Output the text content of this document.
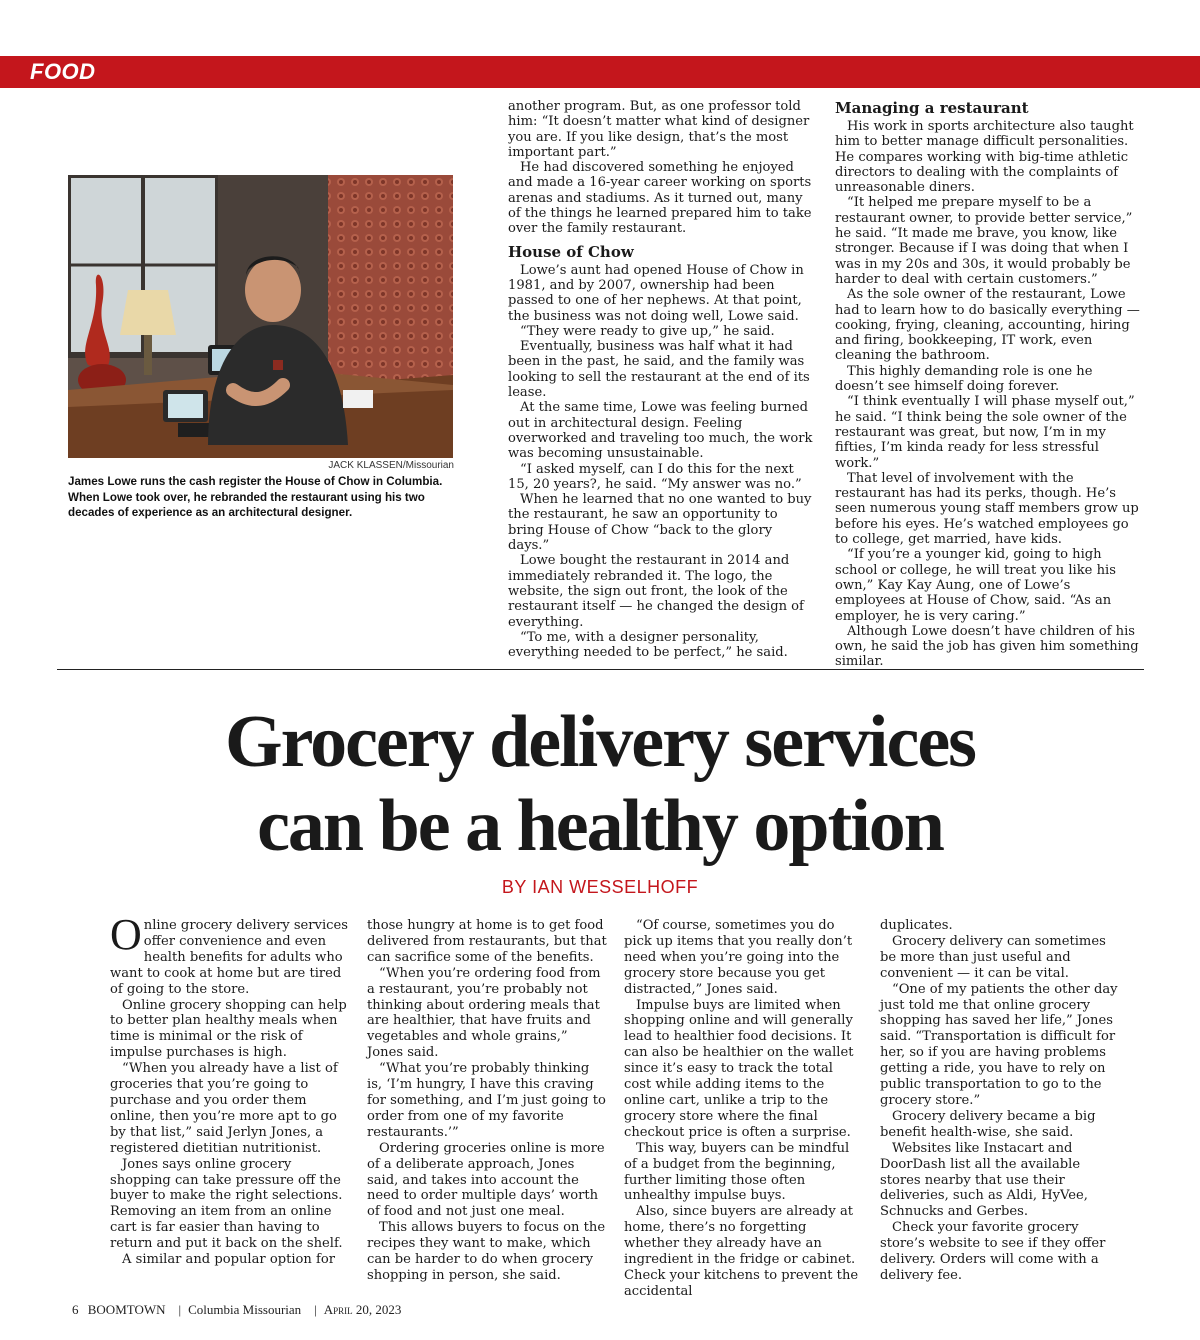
FOOD
JACK KLASSEN/Missourian
James Lowe runs the cash register the House of Chow in Columbia. When Lowe took over, he rebranded the restaurant using his two decades of experience as an architectural designer.

another program. But, as one professor told him: “It doesn’t matter what kind of designer you are. If you like design, that’s the most important part.”

He had discovered something he enjoyed and made a 16-year career working on sports arenas and stadiums. As it turned out, many of the things he learned prepared him to take over the family restaurant.

House of Chow

Lowe’s aunt had opened House of Chow in 1981, and by 2007, ownership had been passed to one of her nephews. At that point, the business was not doing well, Lowe said.

“They were ready to give up,” he said.

Eventually, business was half what it had been in the past, he said, and the family was looking to sell the restaurant at the end of its lease.

At the same time, Lowe was feeling burned out in architectural design. Feeling overworked and traveling too much, the work was becoming unsustainable.

“I asked myself, can I do this for the next 15, 20 years?, he said. “My answer was no.”

When he learned that no one wanted to buy the restaurant, he saw an opportunity to bring House of Chow “back to the glory days.”

Lowe bought the restaurant in 2014 and immediately rebranded it. The logo, the website, the sign out front, the look of the restaurant itself — he changed the design of everything.

“To me, with a designer personality, everything needed to be perfect,” he said.

Managing a restaurant

His work in sports architecture also taught him to better manage difficult personalities. He compares working with big-time athletic directors to dealing with the complaints of unreasonable diners.

“It helped me prepare myself to be a restaurant owner, to provide better service,” he said. “It made me brave, you know, like stronger. Because if I was doing that when I was in my 20s and 30s, it would probably be harder to deal with certain customers.”

As the sole owner of the restaurant, Lowe had to learn how to do basically everything — cooking, frying, cleaning, accounting, hiring and firing, bookkeeping, IT work, even cleaning the bathroom.

This highly demanding role is one he doesn’t see himself doing forever.

“I think eventually I will phase myself out,” he said. “I think being the sole owner of the restaurant was great, but now, I’m in my fifties, I’m kinda ready for less stressful work.”

That level of involvement with the restaurant has had its perks, though. He’s seen numerous young staff members grow up before his eyes. He’s watched employees go to college, get married, have kids.

“If you’re a younger kid, going to high school or college, he will treat you like his own,” Kay Kay Aung, one of Lowe’s employees at House of Chow, said. “As an employer, he is very caring.”

Although Lowe doesn’t have children of his own, he said the job has given him something similar.

Grocery delivery services
can be a healthy option
BY IAN WESSELHOFF

Online grocery delivery services offer convenience and even health benefits for adults who want to cook at home but are tired of going to the store.

Online grocery shopping can help to better plan healthy meals when time is minimal or the risk of impulse purchases is high.

“When you already have a list of groceries that you’re going to purchase and you order them online, then you’re more apt to go by that list,” said Jerlyn Jones, a registered dietitian nutritionist.

Jones says online grocery shopping can take pressure off the buyer to make the right selections. Removing an item from an online cart is far easier than having to return and put it back on the shelf.

A similar and popular option for

those hungry at home is to get food delivered from restaurants, but that can sacrifice some of the benefits.

“When you’re ordering food from a restaurant, you’re probably not thinking about ordering meals that are healthier, that have fruits and vegetables and whole grains,” Jones said.

“What you’re probably thinking is, ‘I’m hungry, I have this craving for something, and I’m just going to order from one of my favorite restaurants.’”

Ordering groceries online is more of a deliberate approach, Jones said, and takes into account the need to order multiple days’ worth of food and not just one meal.

This allows buyers to focus on the recipes they want to make, which can be harder to do when grocery shopping in person, she said.

“Of course, sometimes you do pick up items that you really don’t need when you’re going into the grocery store because you get distracted,” Jones said.

Impulse buys are limited when shopping online and will generally lead to healthier food decisions. It can also be healthier on the wallet since it’s easy to track the total cost while adding items to the online cart, unlike a trip to the grocery store where the final checkout price is often a surprise.

This way, buyers can be mindful of a budget from the beginning, further limiting those often unhealthy impulse buys.

Also, since buyers are already at home, there’s no forgetting whether they already have an ingredient in the fridge or cabinet. Check your kitchens to prevent the accidental

duplicates.

Grocery delivery can sometimes be more than just useful and convenient — it can be vital.

“One of my patients the other day just told me that online grocery shopping has saved her life,” Jones said. “Transportation is difficult for her, so if you are having problems getting a ride, you have to rely on public transportation to go to the grocery store.”

Grocery delivery became a big benefit health-wise, she said.

Websites like Instacart and DoorDash list all the available stores nearby that use their deliveries, such as Aldi, HyVee, Schnucks and Gerbes.

Check your favorite grocery store’s website to see if they offer delivery. Orders will come with a delivery fee.

6 BOOMTOWN | Columbia Missourian | April 20, 2023
